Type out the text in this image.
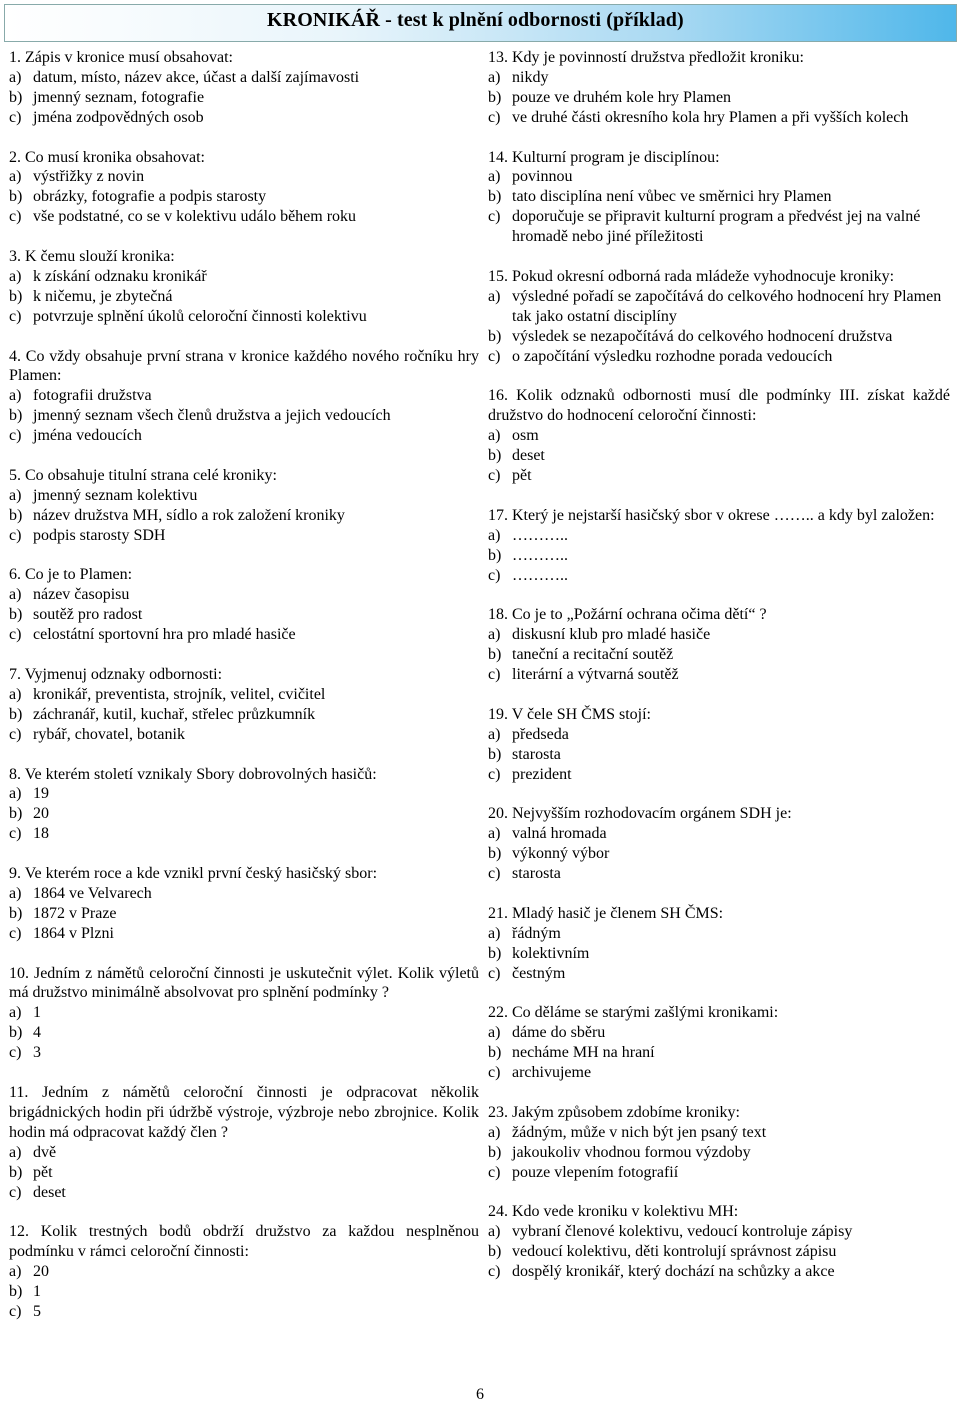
KRONIKÁŘ - test k plnění odbornosti (příklad)
1. Zápis v kronice musí obsahovat:
a) datum, místo, název akce, účast a další zajímavosti
b) jmenný seznam, fotografie
c) jména zodpovědných osob
2. Co musí kronika obsahovat:
a) výstřižky z novin
b) obrázky, fotografie a podpis starosty
c) vše podstatné, co se v kolektivu událo během roku
3. K čemu slouží kronika:
a) k získání odznaku kronikář
b) k ničemu, je zbytečná
c) potvrzuje splnění úkolů celoroční činnosti kolektivu
4. Co vždy obsahuje první strana v kronice každého nového ročníku hry Plamen:
a) fotografii družstva
b) jmenný seznam všech členů družstva a jejich vedoucích
c) jména vedoucích
5. Co obsahuje titulní strana celé kroniky:
a) jmenný seznam kolektivu
b) název družstva MH, sídlo a rok založení kroniky
c) podpis starosty SDH
6. Co je to Plamen:
a) název časopisu
b) soutěž pro radost
c) celostátní sportovní hra pro mladé hasiče
7. Vyjmenuj odznaky odbornosti:
a) kronikář, preventista, strojník, velitel, cvičitel
b) záchranář, kutil, kuchař, střelec průzkumník
c) rybář, chovatel, botanik
8. Ve kterém století vznikaly Sbory dobrovolných hasičů:
a) 19
b) 20
c) 18
9. Ve kterém roce a kde vznikl první český hasičský sbor:
a) 1864 ve Velvarech
b) 1872 v Praze
c) 1864 v Plzni
10. Jedním z námětů celoroční činnosti je uskutečnit výlet. Kolik výletů má družstvo minimálně absolvovat pro splnění podmínky ?
a) 1
b) 4
c) 3
11. Jedním z námětů celoroční činnosti je odpracovat několik brigádnických hodin při údržbě výstroje, výzbroje nebo zbrojnice. Kolik hodin má odpracovat každý člen ?
a) dvě
b) pět
c) deset
12. Kolik trestných bodů obdrží družstvo za každou nesplněnou podmínku v rámci celoroční činnosti:
a) 20
b) 1
c) 5
13. Kdy je povinností družstva předložit kroniku:
a) nikdy
b) pouze ve druhém kole hry Plamen
c) ve druhé části okresního kola hry Plamen a při vyšších kolech
14. Kulturní program je disciplínou:
a) povinnou
b) tato disciplína není vůbec ve směrnici hry Plamen
c) doporučuje se připravit kulturní program a předvést jej na valné hromadě nebo jiné příležitosti
15. Pokud okresní odborná rada mládeže vyhodnocuje kroniky:
a) výsledné pořadí se započítává do celkového hodnocení hry Plamen tak jako ostatní disciplíny
b) výsledek se nezapočítává do celkového hodnocení družstva
c) o započítání výsledku rozhodne porada vedoucích
16. Kolik odznaků odbornosti musí dle podmínky III. získat každé družstvo do hodnocení celoroční činnosti:
a) osm
b) deset
c) pět
17. Který je nejstarší hasičský sbor v okrese …….. a kdy byl založen:
a) ………..
b) ………..
c) ………..
18. Co je to „Požární ochrana očima dětí“ ?
a) diskusní klub pro mladé hasiče
b) taneční a recitační soutěž
c) literární a výtvarná soutěž
19. V čele SH ČMS stojí:
a) předseda
b) starosta
c) prezident
20. Nejvyšším rozhodovacím orgánem SDH je:
a) valná hromada
b) výkonný výbor
c) starosta
21. Mladý hasič je členem SH ČMS:
a) řádným
b) kolektivním
c) čestným
22. Co děláme se starými zašlými kronikami:
a) dáme do sběru
b) necháme MH na hraní
c) archivujeme
23. Jakým způsobem zdobíme kroniky:
a) žádným, může v nich být jen psaný text
b) jakoukoliv vhodnou formou výzdoby
c) pouze vlepením fotografií
24. Kdo vede kroniku v kolektivu MH:
a) vybraní členové kolektivu, vedoucí kontroluje zápisy
b) vedoucí kolektivu, děti kontrolují správnost zápisu
c) dospělý kronikář, který dochází na schůzky a akce
6
